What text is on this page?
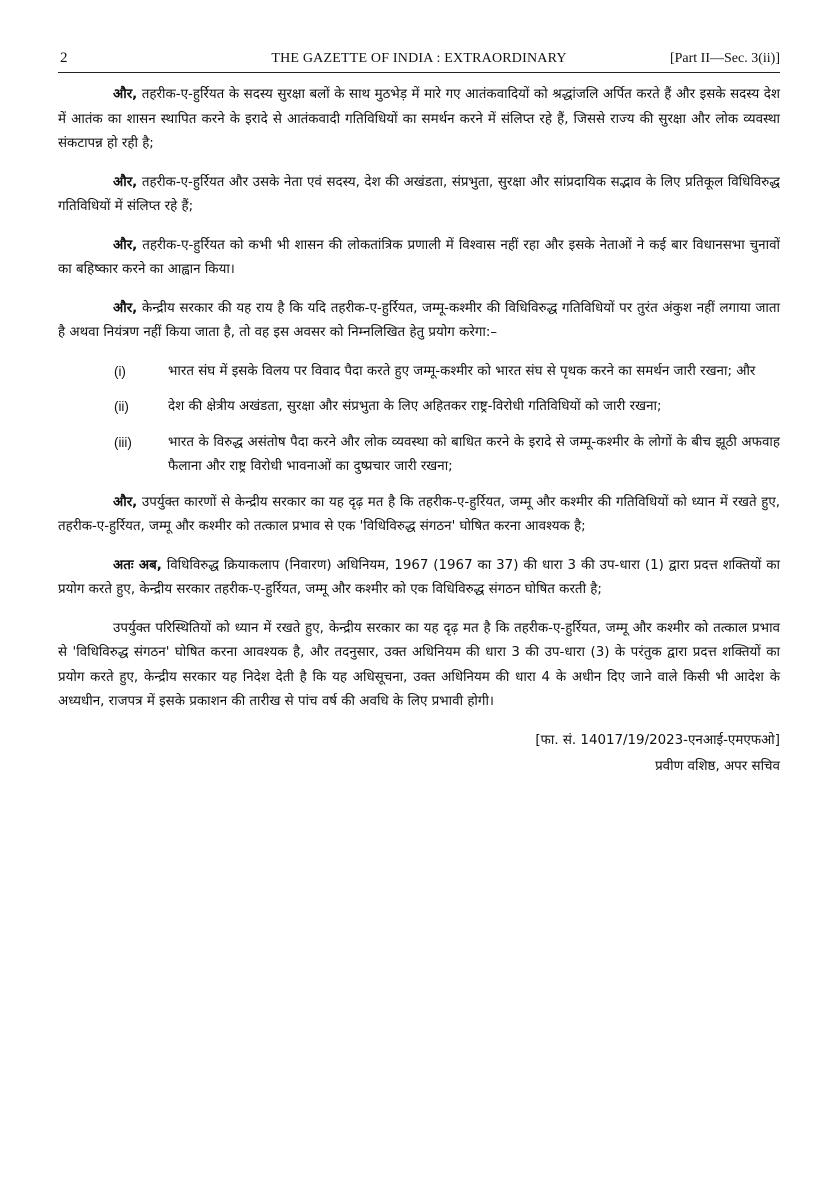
2	THE GAZETTE OF INDIA : EXTRAORDINARY	[Part II—Sec. 3(ii)]

और, तहरीक-ए-हुर्रियत के सदस्य सुरक्षा बलों के साथ मुठभेड़ में मारे गए आतंकवादियों को श्रद्धांजलि अर्पित करते हैं और इसके सदस्य देश में आतंक का शासन स्थापित करने के इरादे से आतंकवादी गतिविधियों का समर्थन करने में संलिप्त रहे हैं, जिससे राज्य की सुरक्षा और लोक व्यवस्था संकटापन्न हो रही है;

और, तहरीक-ए-हुर्रियत और उसके नेता एवं सदस्य, देश की अखंडता, संप्रभुता, सुरक्षा और सांप्रदायिक सद्भाव के लिए प्रतिकूल विधिविरुद्ध गतिविधियों में संलिप्त रहे हैं;

और, तहरीक-ए-हुर्रियत को कभी भी शासन की लोकतांत्रिक प्रणाली में विश्वास नहीं रहा और इसके नेताओं ने कई बार विधानसभा चुनावों का बहिष्कार करने का आह्वान किया।

और, केन्द्रीय सरकार की यह राय है कि यदि तहरीक-ए-हुर्रियत, जम्मू-कश्मीर की विधिविरुद्ध गतिविधियों पर तुरंत अंकुश नहीं लगाया जाता है अथवा नियंत्रण नहीं किया जाता है, तो वह इस अवसर को निम्नलिखित हेतु प्रयोग करेगा:–

(i)	भारत संघ में इसके विलय पर विवाद पैदा करते हुए जम्मू-कश्मीर को भारत संघ से पृथक करने का समर्थन जारी रखना; और
(ii)	देश की क्षेत्रीय अखंडता, सुरक्षा और संप्रभुता के लिए अहितकर राष्ट्र-विरोधी गतिविधियों को जारी रखना;
(iii)	भारत के विरुद्ध असंतोष पैदा करने और लोक व्यवस्था को बाधित करने के इरादे से जम्मू-कश्मीर के लोगों के बीच झूठी अफवाह फैलाना और राष्ट्र विरोधी भावनाओं का दुष्प्रचार जारी रखना;

और, उपर्युक्त कारणों से केन्द्रीय सरकार का यह दृढ़ मत है कि तहरीक-ए-हुर्रियत, जम्मू और कश्मीर की गतिविधियों को ध्यान में रखते हुए, तहरीक-ए-हुर्रियत, जम्मू और कश्मीर को तत्काल प्रभाव से एक 'विधिविरुद्ध संगठन' घोषित करना आवश्यक है;

अतः अब, विधिविरुद्ध क्रियाकलाप (निवारण) अधिनियम, 1967 (1967 का 37) की धारा 3 की उप-धारा (1) द्वारा प्रदत्त शक्तियों का प्रयोग करते हुए, केन्द्रीय सरकार तहरीक-ए-हुर्रियत, जम्मू और कश्मीर को एक विधिविरुद्ध संगठन घोषित करती है;

उपर्युक्त परिस्थितियों को ध्यान में रखते हुए, केन्द्रीय सरकार का यह दृढ़ मत है कि तहरीक-ए-हुर्रियत, जम्मू और कश्मीर को तत्काल प्रभाव से 'विधिविरुद्ध संगठन' घोषित करना आवश्यक है, और तदनुसार, उक्त अधिनियम की धारा 3 की उप-धारा (3) के परंतुक द्वारा प्रदत्त शक्तियों का प्रयोग करते हुए, केन्द्रीय सरकार यह निदेश देती है कि यह अधिसूचना, उक्त अधिनियम की धारा 4 के अधीन दिए जाने वाले किसी भी आदेश के अध्यधीन, राजपत्र में इसके प्रकाशन की तारीख से पांच वर्ष की अवधि के लिए प्रभावी होगी।

[फा. सं. 14017/19/2023-एनआई-एमएफओ]
प्रवीण वशिष्ठ, अपर सचिव
